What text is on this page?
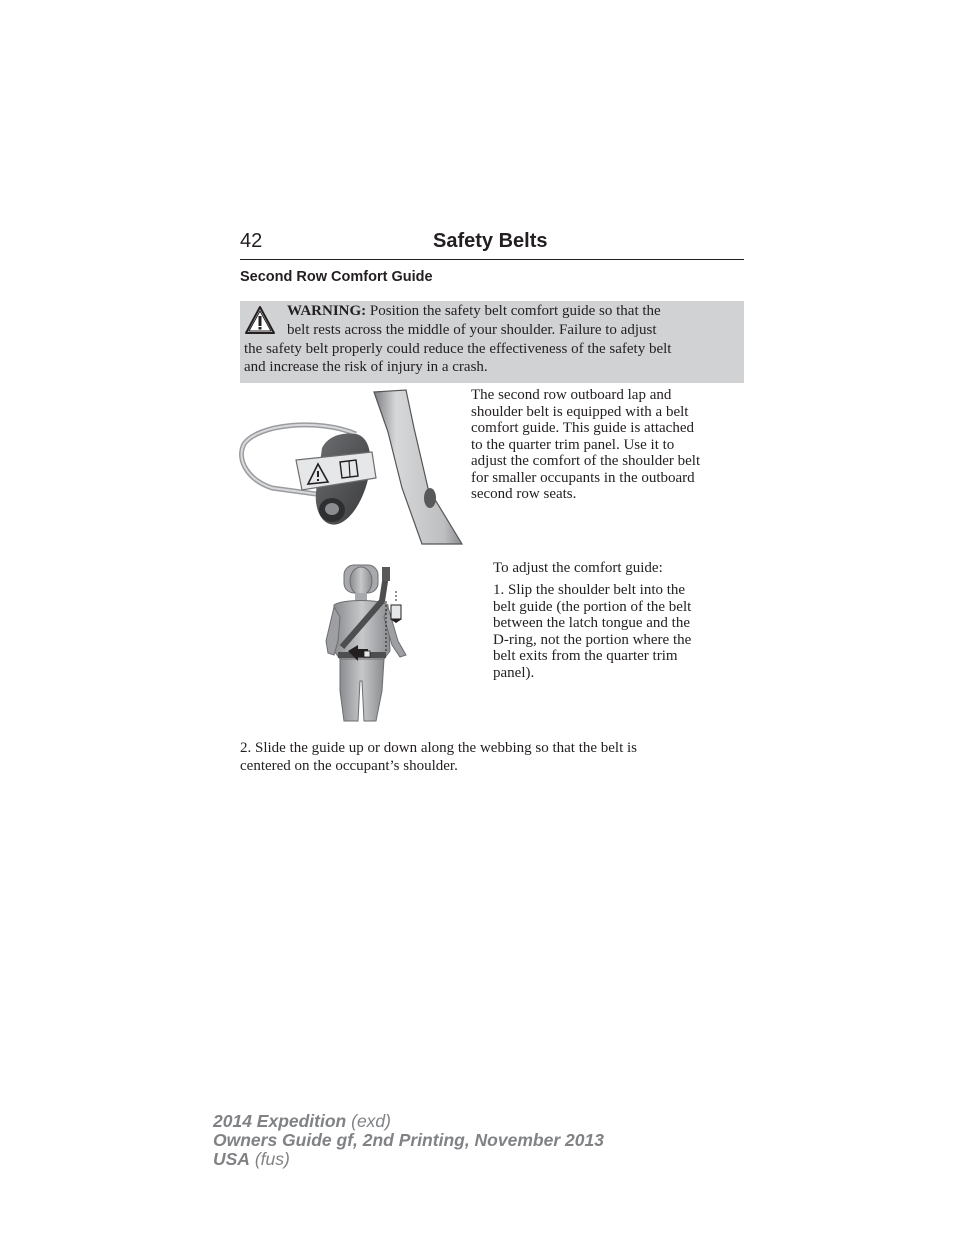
42	Safety Belts
Second Row Comfort Guide
WARNING: Position the safety belt comfort guide so that the
belt rests across the middle of your shoulder. Failure to adjust
the safety belt properly could reduce the effectiveness of the safety belt
and increase the risk of injury in a crash.
The second row outboard lap and
shoulder belt is equipped with a belt
comfort guide. This guide is attached
to the quarter trim panel. Use it to
adjust the comfort of the shoulder belt
for smaller occupants in the outboard
second row seats.
To adjust the comfort guide:
1. Slip the shoulder belt into the
belt guide (the portion of the belt
between the latch tongue and the
D-ring, not the portion where the
belt exits from the quarter trim
panel).
2. Slide the guide up or down along the webbing so that the belt is
centered on the occupant’s shoulder.
2014 Expedition (exd)
Owners Guide gf, 2nd Printing, November 2013
USA (fus)
